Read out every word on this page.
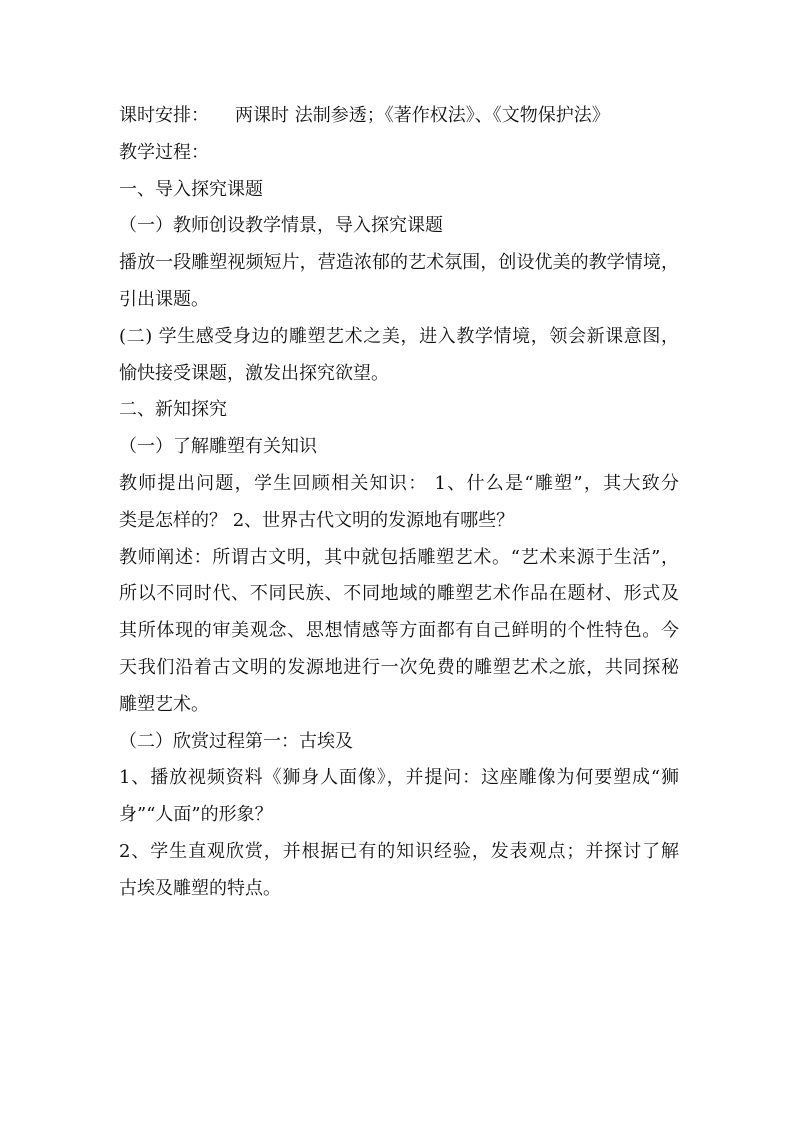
课时安排： 两课时 法制参透；《著作权法》、《文物保护法》
教学过程：
一、导入探究课题
（一）教师创设教学情景，导入探究课题
播放一段雕塑视频短片，营造浓郁的艺术氛围，创设优美的教学情境，
引出课题。
(二) 学生感受身边的雕塑艺术之美，进入教学情境，领会新课意图，
愉快接受课题，激发出探究欲望。
二、新知探究
（一）了解雕塑有关知识
教师提出问题，学生回顾相关知识： 1、什么是“雕塑”，其大致分
类是怎样的？ 2、世界古代文明的发源地有哪些？
教师阐述：所谓古文明，其中就包括雕塑艺术。“艺术来源于生活”，
所以不同时代、不同民族、不同地域的雕塑艺术作品在题材、形式及
其所体现的审美观念、思想情感等方面都有自己鲜明的个性特色。今
天我们沿着古文明的发源地进行一次免费的雕塑艺术之旅，共同探秘
雕塑艺术。
（二）欣赏过程第一：古埃及
1、播放视频资料《狮身人面像》，并提问：这座雕像为何要塑成“狮
身”“人面”的形象？
2、学生直观欣赏，并根据已有的知识经验，发表观点；并探讨了解
古埃及雕塑的特点。
